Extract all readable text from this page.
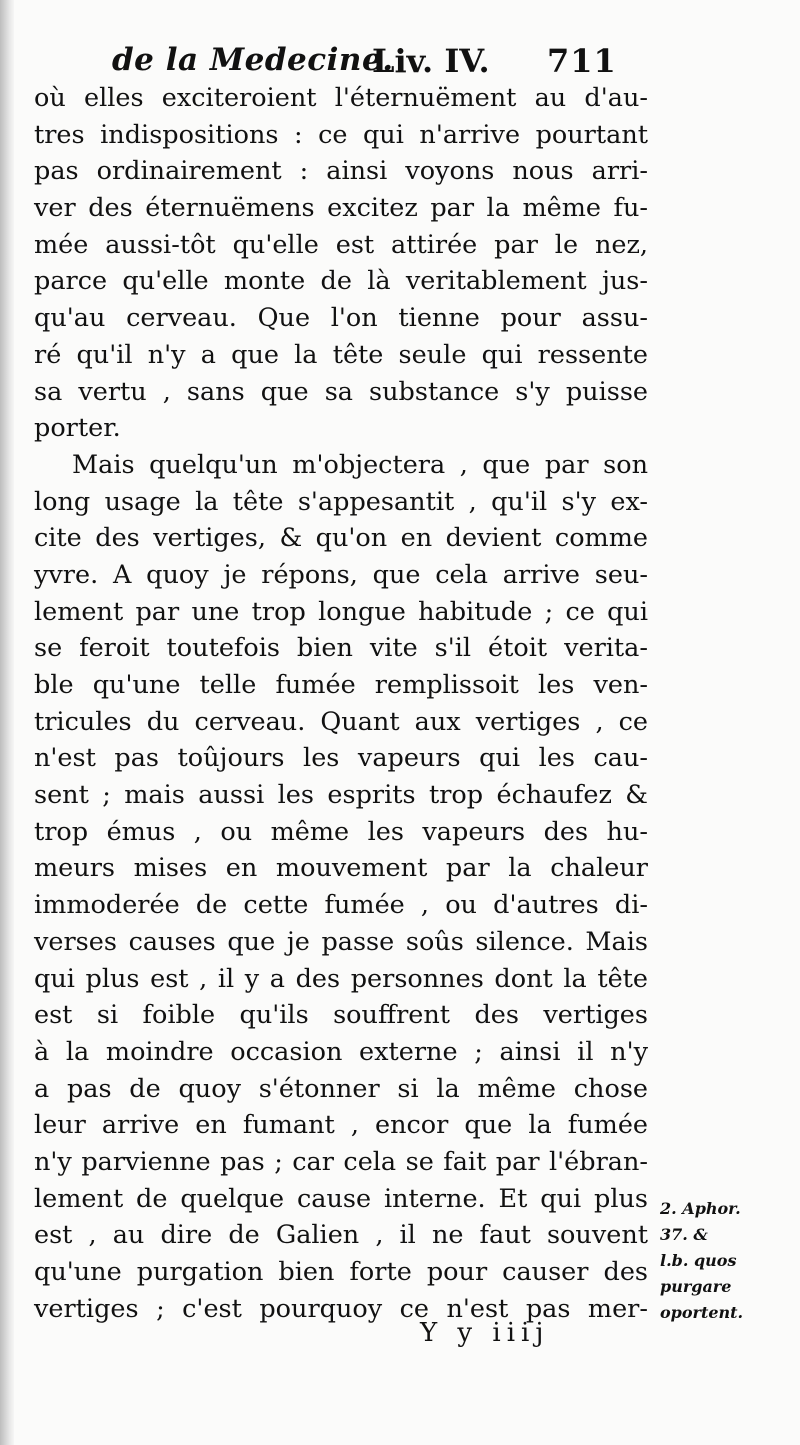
de la Medecine.
Liv. IV. 711
où elles exciteroient l'éternuëment au d'au-
tres indispositions : ce qui n'arrive pourtant
pas ordinairement : ainsi voyons nous arri-
ver des éternuëmens excitez par la même fu-
mée aussi-tôt qu'elle est attirée par le nez,
parce qu'elle monte de là veritablement jus-
qu'au cerveau. Que l'on tienne pour assu-
ré qu'il n'y a que la tête seule qui ressente
sa vertu , sans que sa substance s'y puisse
porter.
Mais quelqu'un m'objectera , que par son
long usage la tête s'appesantit , qu'il s'y ex-
cite des vertiges, & qu'on en devient comme
yvre. A quoy je répons, que cela arrive seu-
lement par une trop longue habitude ; ce qui
se feroit toutefois bien vite s'il étoit verita-
ble qu'une telle fumée remplissoit les ven-
tricules du cerveau. Quant aux vertiges , ce
n'est pas toûjours les vapeurs qui les cau-
sent ; mais aussi les esprits trop échaufez &
trop émus , ou même les vapeurs des hu-
meurs mises en mouvement par la chaleur
immoderée de cette fumée , ou d'autres di-
verses causes que je passe soûs silence. Mais
qui plus est , il y a des personnes dont la tête
est si foible qu'ils souffrent des vertiges
à la moindre occasion externe ; ainsi il n'y
a pas de quoy s'étonner si la même chose
leur arrive en fumant , encor que la fumée
n'y parvienne pas ; car cela se fait par l'ébran-
lement de quelque cause interne. Et qui plus
est , au dire de Galien , il ne faut souvent
qu'une purgation bien forte pour causer des
vertiges ; c'est pourquoy ce n'est pas mer-
2. Aphor.
37. &
l.b. quos
purgare
oportent.
Y y iiij
